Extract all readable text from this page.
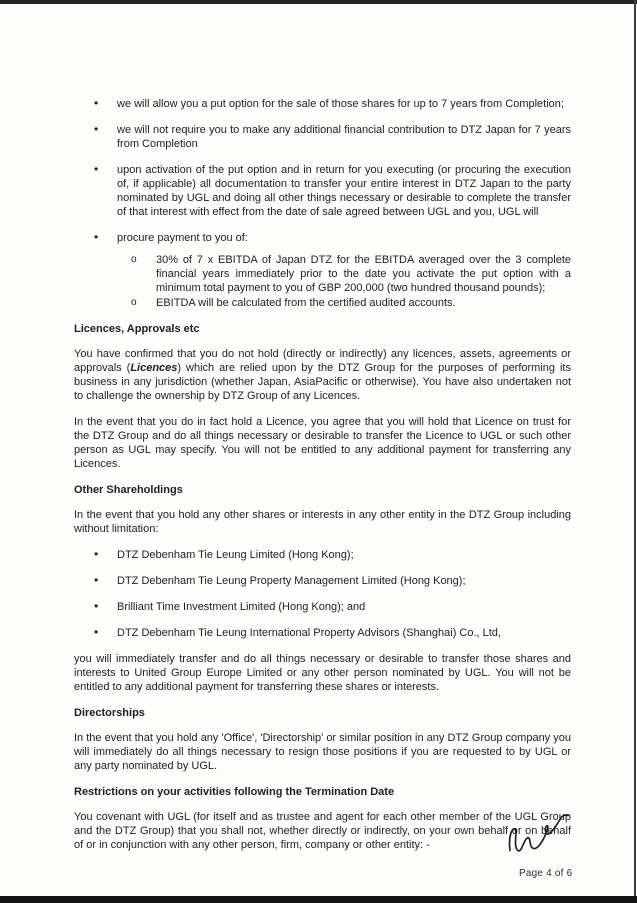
• we will allow you a put option for the sale of those shares for up to 7 years from Completion;
• we will not require you to make any additional financial contribution to DTZ Japan for 7 years from Completion
• upon activation of the put option and in return for you executing (or procuring the execution of, if applicable) all documentation to transfer your entire interest in DTZ Japan to the party nominated by UGL and doing all other things necessary or desirable to complete the transfer of that interest with effect from the date of sale agreed between UGL and you, UGL will
• procure payment to you of:
o 30% of 7 x EBITDA of Japan DTZ for the EBITDA averaged over the 3 complete financial years immediately prior to the date you activate the put option with a minimum total payment to you of GBP 200,000 (two hundred thousand pounds);
o EBITDA will be calculated from the certified audited accounts.
Licences, Approvals etc

You have confirmed that you do not hold (directly or indirectly) any licences, assets, agreements or approvals (Licences) which are relied upon by the DTZ Group for the purposes of performing its business in any jurisdiction (whether Japan, AsiaPacific or otherwise). You have also undertaken not to challenge the ownership by DTZ Group of any Licences.

In the event that you do in fact hold a Licence, you agree that you will hold that Licence on trust for the DTZ Group and do all things necessary or desirable to transfer the Licence to UGL or such other person as UGL may specify. You will not be entitled to any additional payment for transferring any Licences.

Other Shareholdings

In the event that you hold any other shares or interests in any other entity in the DTZ Group including without limitation:

• DTZ Debenham Tie Leung Limited (Hong Kong);
• DTZ Debenham Tie Leung Property Management Limited (Hong Kong);
• Brilliant Time Investment Limited (Hong Kong); and
• DTZ Debenham Tie Leung International Property Advisors (Shanghai) Co., Ltd,

you will immediately transfer and do all things necessary or desirable to transfer those shares and interests to United Group Europe Limited or any other person nominated by UGL. You will not be entitled to any additional payment for transferring these shares or interests.

Directorships

In the event that you hold any 'Office', 'Directorship' or similar position in any DTZ Group company you will immediately do all things necessary to resign those positions if you are requested to by UGL or any party nominated by UGL.

Restrictions on your activities following the Termination Date

You covenant with UGL (for itself and as trustee and agent for each other member of the UGL Group and the DTZ Group) that you shall not, whether directly or indirectly, on your own behalf or on behalf of or in conjunction with any other person, firm, company or other entity: -

Page 4 of 6
